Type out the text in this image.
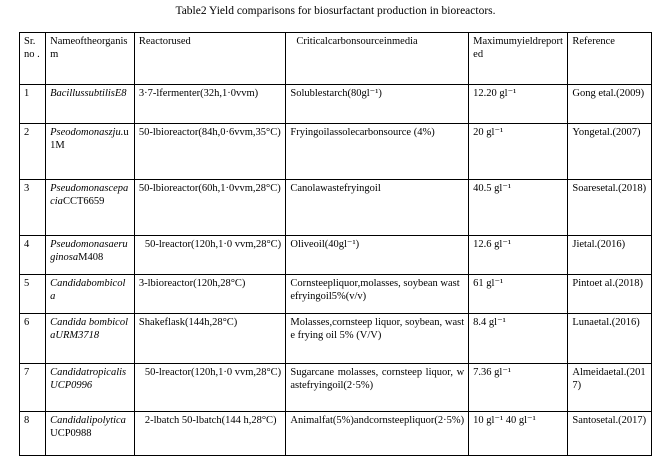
Table2 Yield comparisons for biosurfactant production in bioreactors.
Sr. no .	Nameoftheorganism	Reactorused	Criticalcarbonsourceinmedia	Maximumyieldreported	Reference
1	BacillussubtilisE8	3·7-lfermenter(32h,1·0vvm)	Solublestarch(80gl⁻¹)	12.20 gl⁻¹	Gong etal.(2009)
2	Pseodomonaszju.u1M	50-lbioreactor(84h,0·6vvm,35°C)	Fryingoilassolecarbonsource (4%)	20 gl⁻¹	Yongetal.(2007)
3	PseudomonascepaciaCCT6659	50-lbioreactor(60h,1·0vvm,28°C)	Canolawastefryingoil	40.5 gl⁻¹	Soaresetal.(2018)
4	PseudomonasaeruginosaM408	50-lreactor(120h,1·0 vvm,28°C)	Oliveoil(40gl⁻¹)	12.6 gl⁻¹	Jietal.(2016)
5	Candidabombicola	3-lbioreactor(120h,28°C)	Cornsteepliquor,molasses, soybean wastefryingoil5%(v/v)	61 gl⁻¹	Pintoet al.(2018)
6	Candida bombicolaURM3718	Shakeflask(144h,28°C)	Molasses,cornsteep liquor, soybean, waste frying oil 5% (V/V)	8.4 gl⁻¹	Lunaetal.(2016)
7	Candidatropicalis UCP0996	50-lreactor(120h,1·0 vvm,28°C)	Sugarcane molasses, cornsteep liquor, wastefryingoil(2·5%)	7.36 gl⁻¹	Almeidaetal.(2017)
8	CandidalipolyticaUCP0988	2-lbatch 50-lbatch(144 h,28°C)	Animalfat(5%)andcornsteepliquor(2·5%)	10 gl⁻¹ 40 gl⁻¹	Santosetal.(2017)
